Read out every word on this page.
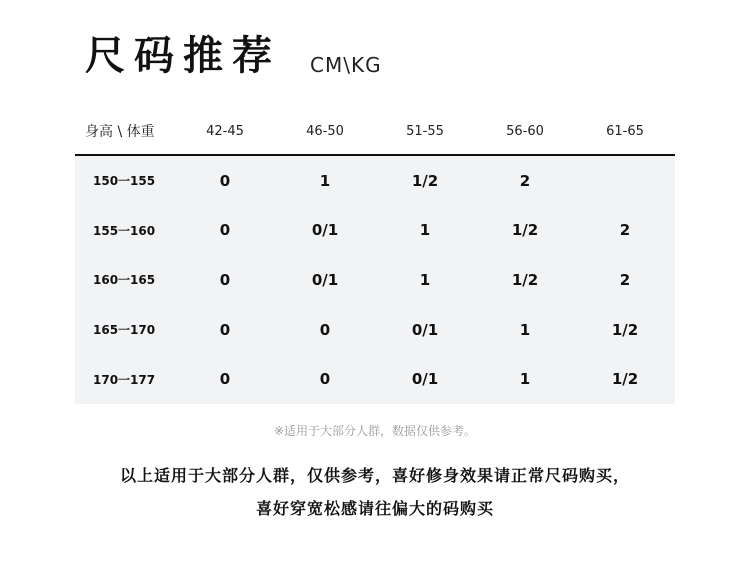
尺码推荐 CM\KG
身高 \ 体重	42-45	46-50	51-55	56-60	61-65
150一155	0	1	1/2	2	
155一160	0	0/1	1	1/2	2
160一165	0	0/1	1	1/2	2
165一170	0	0	0/1	1	1/2
170一177	0	0	0/1	1	1/2
※适用于大部分人群，数据仅供参考。
以上适用于大部分人群，仅供参考，喜好修身效果请正常尺码购买，
喜好穿宽松感请往偏大的码购买
